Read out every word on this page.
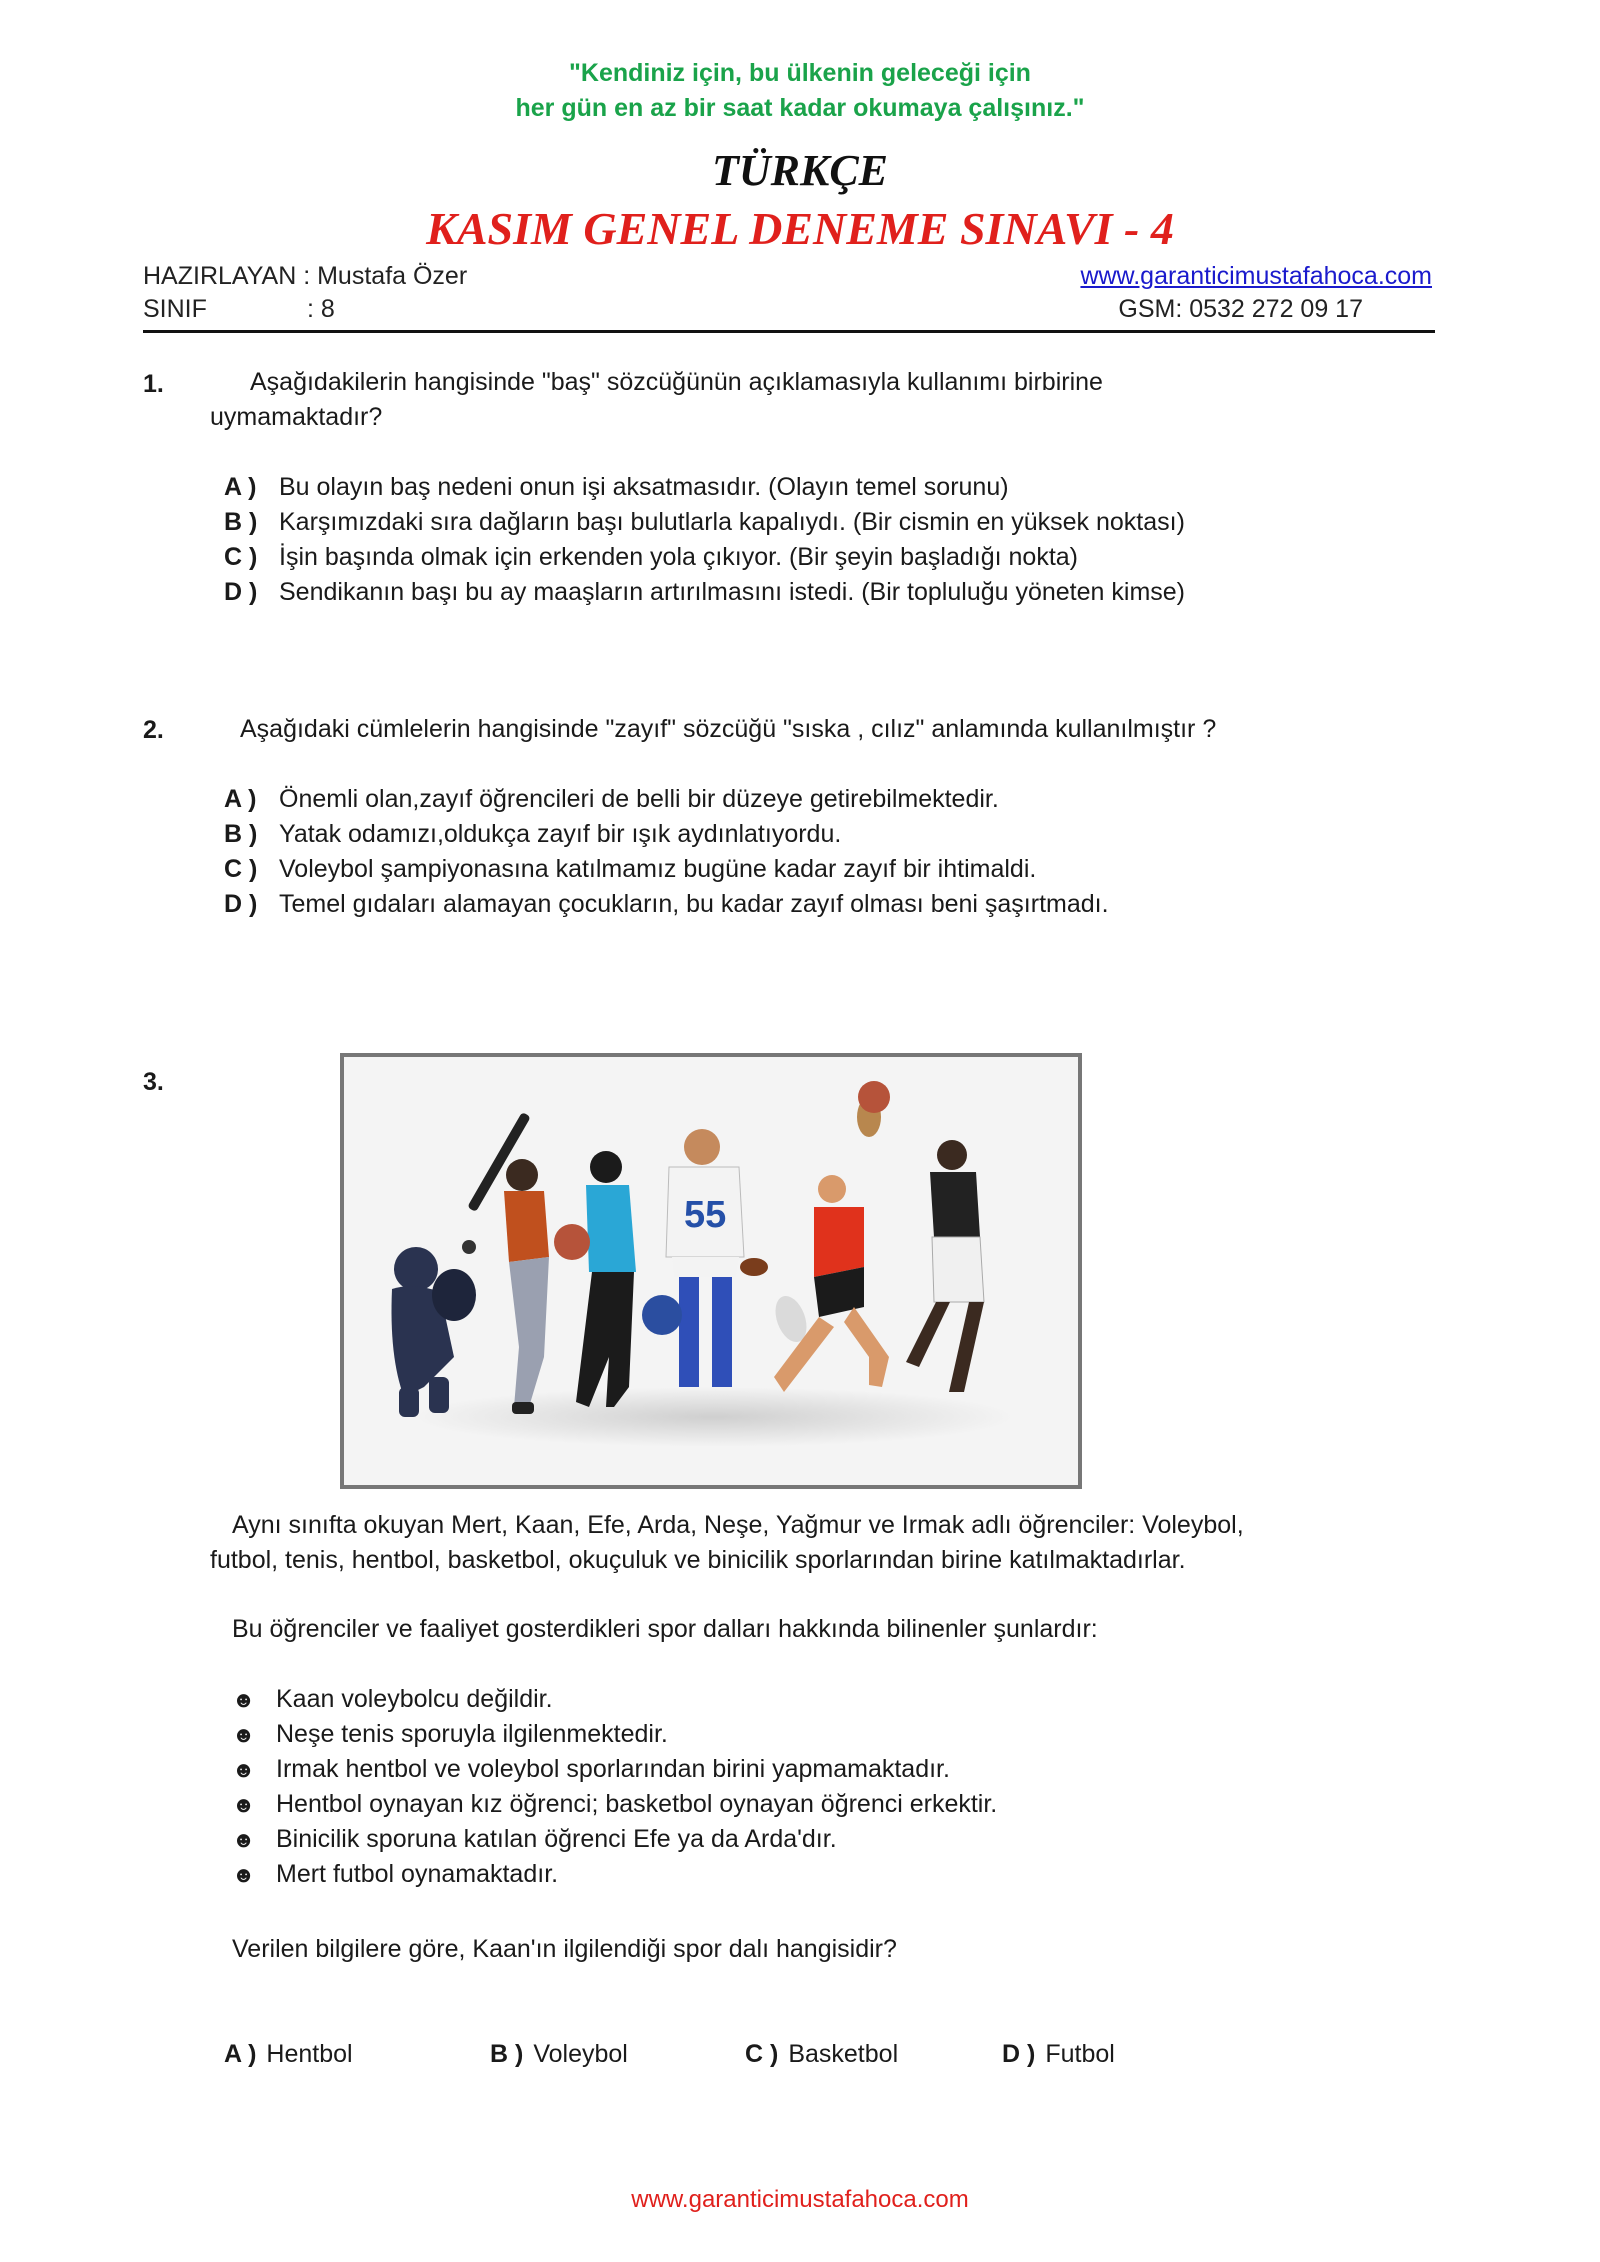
"Kendiniz için, bu ülkenin geleceği için
her gün en az bir saat kadar okumaya çalışınız."
TÜRKÇE
KASIM GENEL DENEME SINAVI - 4
HAZIRLAYAN : Mustafa Özer	www.garanticimustafahoca.com
SINIF	: 8	GSM: 0532 272 09 17
1.	Aşağıdakilerin hangisinde "baş" sözcüğünün açıklamasıyla kullanımı birbirine
uymamaktadır?
A ) Bu olayın baş nedeni onun işi aksatmasıdır. (Olayın temel sorunu)
B ) Karşımızdaki sıra dağların başı bulutlarla kapalıydı. (Bir cismin en yüksek noktası)
C ) İşin başında olmak için erkenden yola çıkıyor. (Bir şeyin başladığı nokta)
D ) Sendikanın başı bu ay maaşların artırılmasını istedi. (Bir topluluğu yöneten kimse)
2.	Aşağıdaki cümlelerin hangisinde "zayıf" sözcüğü "sıska , cılız" anlamında kullanılmıştır ?
A ) Önemli olan,zayıf öğrencileri de belli bir düzeye getirebilmektedir.
B ) Yatak odamızı,oldukça zayıf bir ışık aydınlatıyordu.
C ) Voleybol şampiyonasına katılmamız bugüne kadar zayıf bir ihtimaldi.
D ) Temel gıdaları alamayan çocukların, bu kadar zayıf olması beni şaşırtmadı.
3.
55
Aynı sınıfta okuyan Mert, Kaan, Efe, Arda, Neşe, Yağmur ve Irmak adlı öğrenciler: Voleybol,
futbol, tenis, hentbol, basketbol, okuçuluk ve binicilik sporlarından birine katılmaktadırlar.
Bu öğrenciler ve faaliyet gosterdikleri spor dalları hakkında bilinenler şunlardır:
☻ Kaan voleybolcu değildir.
☻ Neşe tenis sporuyla ilgilenmektedir.
☻ Irmak hentbol ve voleybol sporlarından birini yapmamaktadır.
☻ Hentbol oynayan kız öğrenci; basketbol oynayan öğrenci erkektir.
☻ Binicilik sporuna katılan öğrenci Efe ya da Arda'dır.
☻ Mert futbol oynamaktadır.
Verilen bilgilere göre, Kaan'ın ilgilendiği spor dalı hangisidir?
A ) Hentbol	B ) Voleybol	C ) Basketbol	D ) Futbol
www.garanticimustafahoca.com
